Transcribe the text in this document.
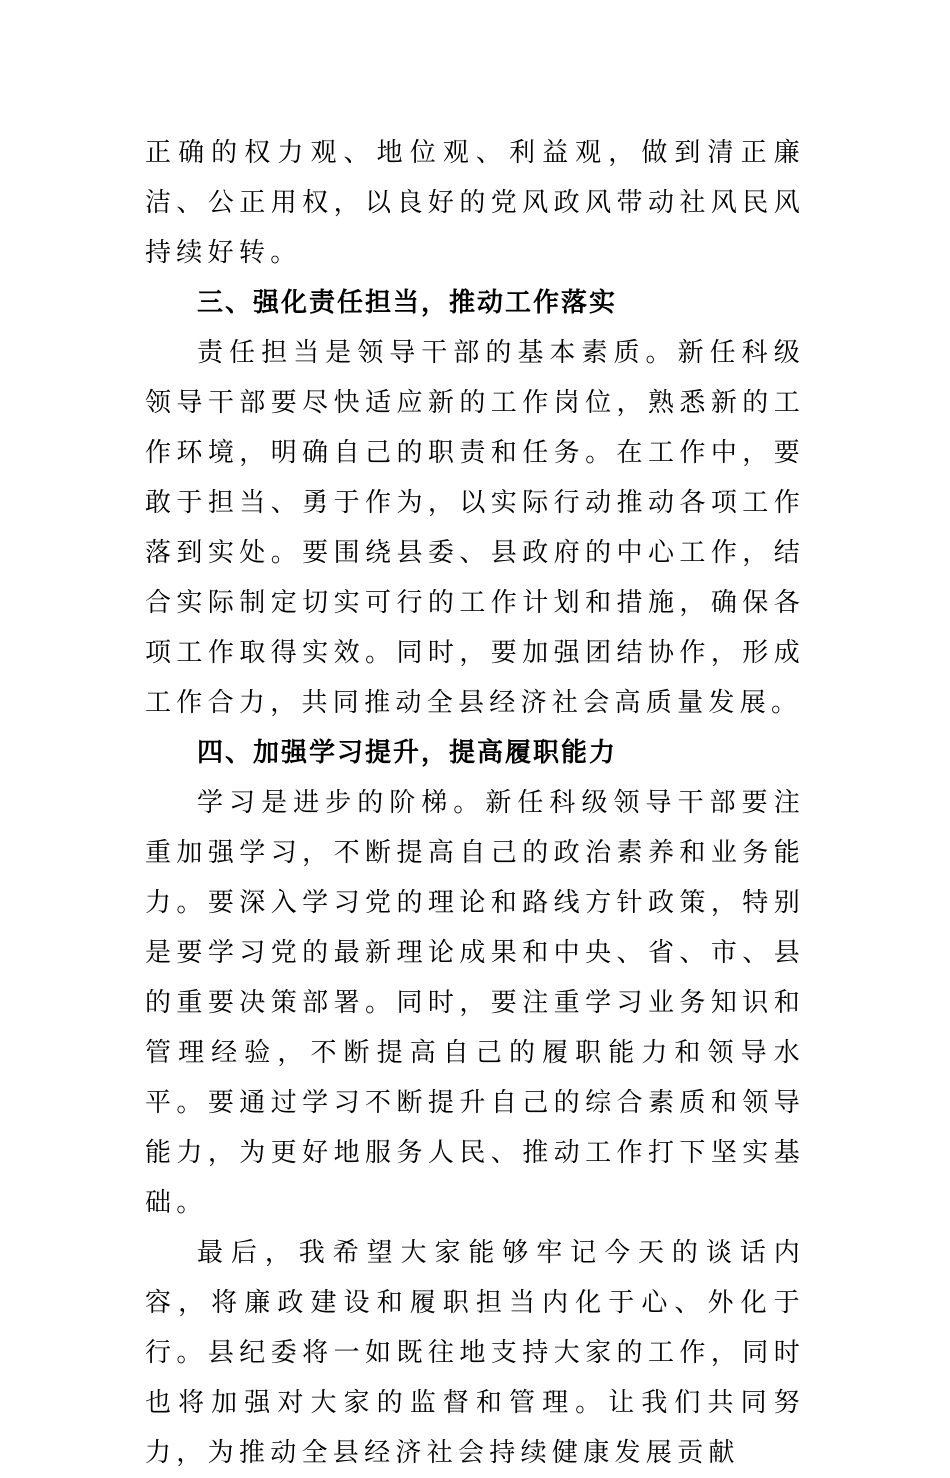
正确的权力观、地位观、利益观，做到清正廉洁、公正用权，以良好的党风政风带动社风民风持续好转。

三、强化责任担当，推动工作落实

责任担当是领导干部的基本素质。新任科级领导干部要尽快适应新的工作岗位，熟悉新的工作环境，明确自己的职责和任务。在工作中，要敢于担当、勇于作为，以实际行动推动各项工作落到实处。要围绕县委、县政府的中心工作，结合实际制定切实可行的工作计划和措施，确保各项工作取得实效。同时，要加强团结协作，形成工作合力，共同推动全县经济社会高质量发展。

四、加强学习提升，提高履职能力

学习是进步的阶梯。新任科级领导干部要注重加强学习，不断提高自己的政治素养和业务能力。要深入学习党的理论和路线方针政策，特别是要学习党的最新理论成果和中央、省、市、县的重要决策部署。同时，要注重学习业务知识和管理经验，不断提高自己的履职能力和领导水平。要通过学习不断提升自己的综合素质和领导能力，为更好地服务人民、推动工作打下坚实基础。

最后，我希望大家能够牢记今天的谈话内容，将廉政建设和履职担当内化于心、外化于行。县纪委将一如既往地支持大家的工作，同时也将加强对大家的监督和管理。让我们共同努力，为推动全县经济社会持续健康发展贡献
